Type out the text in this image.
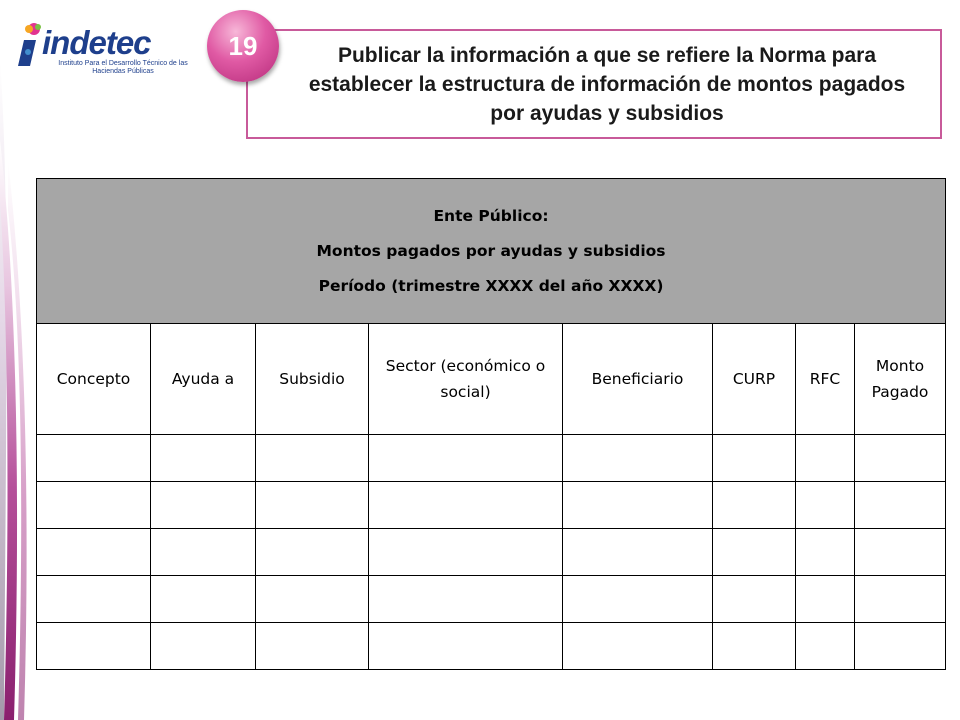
indetec
Instituto Para el Desarrollo Técnico de las Haciendas Públicas
Publicar la información a que se refiere la Norma para establecer la estructura de información de montos pagados por ayudas y subsidios
19
Ente Público:
Montos pagados por ayudas y subsidios
Período (trimestre XXXX del año XXXX)							

Concepto	Ayuda a	Subsidio	Sector (económico o social)	Beneficiario	CURP	RFC	Monto Pagado
